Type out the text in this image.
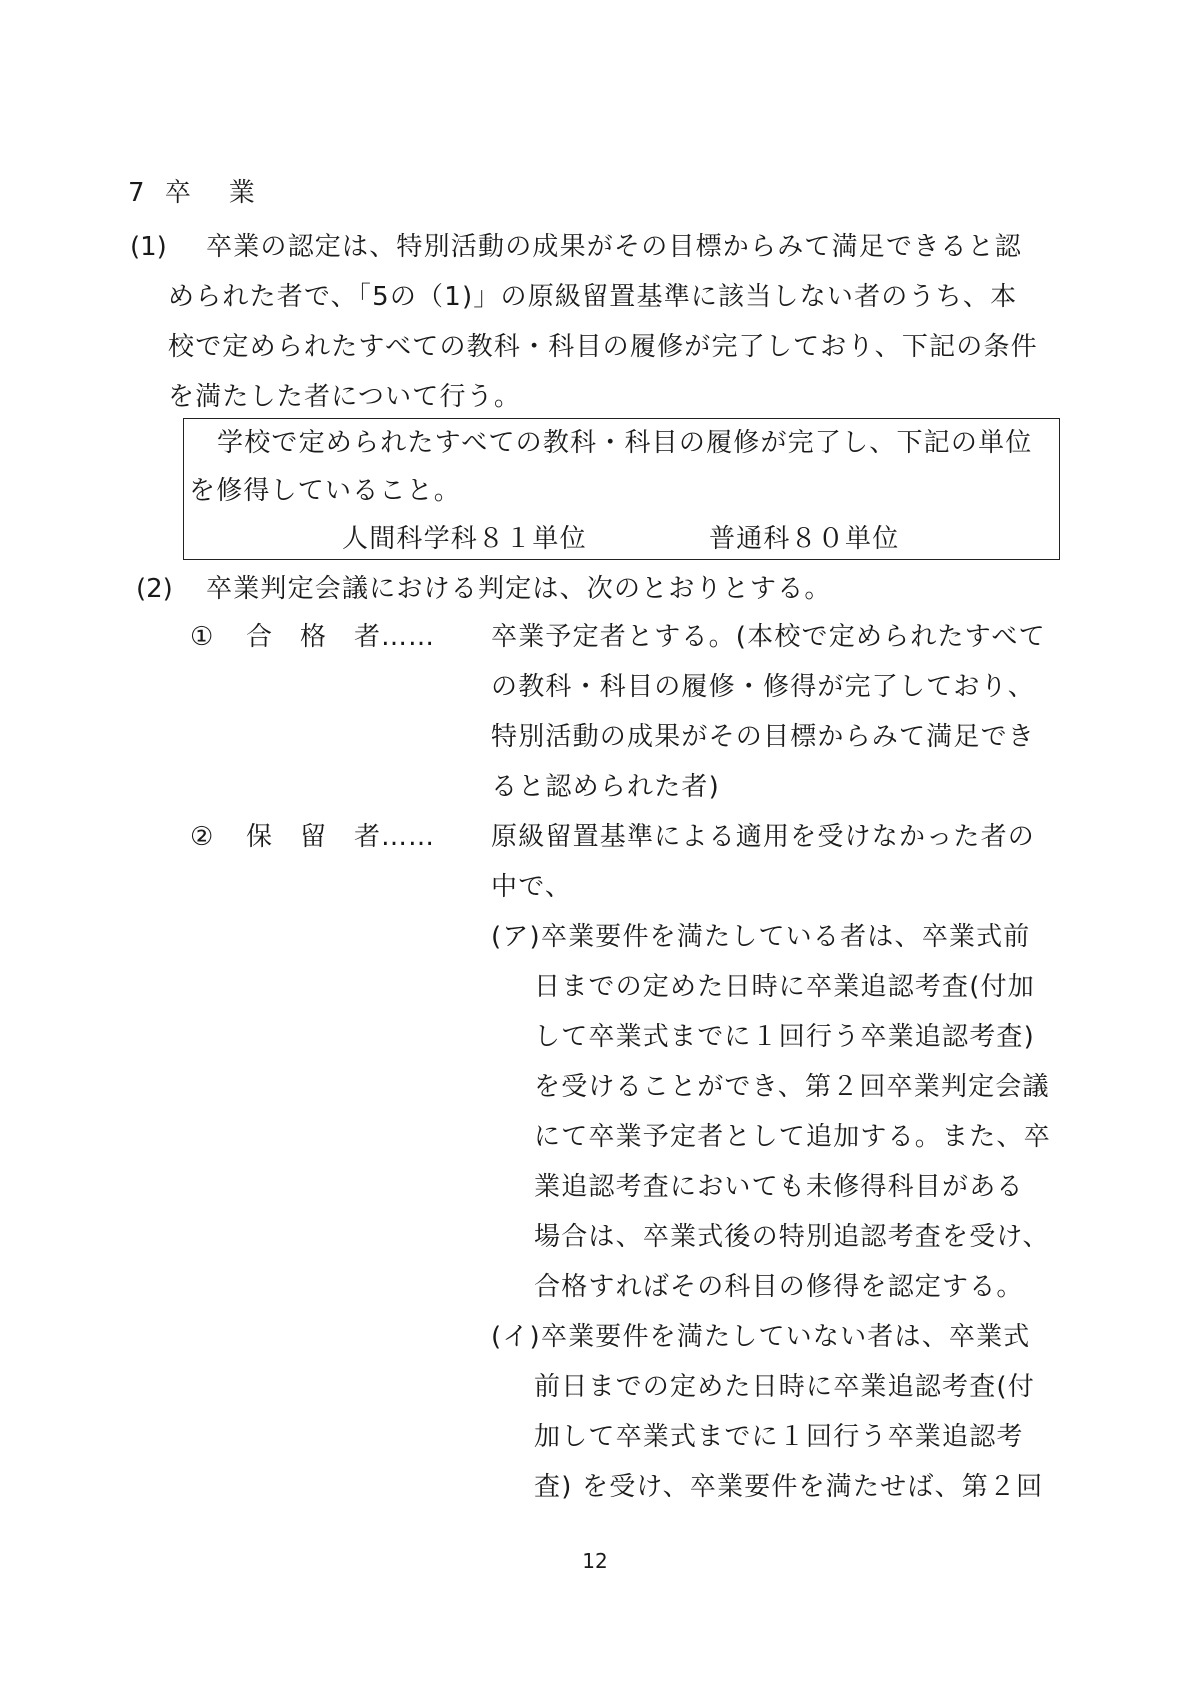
7 卒　業
(1) 卒業の認定は、特別活動の成果がその目標からみて満足できると認
められた者で、「5の（1)」の原級留置基準に該当しない者のうち、本
校で定められたすべての教科・科目の履修が完了しており、下記の条件
を満たした者について行う。
学校で定められたすべての教科・科目の履修が完了し、下記の単位
を修得していること。
人間科学科８１単位	普通科８０単位
(2) 卒業判定会議における判定は、次のとおりとする。
① 合　格　者…… 卒業予定者とする。(本校で定められたすべて
の教科・科目の履修・修得が完了しており、
特別活動の成果がその目標からみて満足でき
ると認められた者)
② 保　留　者…… 原級留置基準による適用を受けなかった者の
中で、
(ア)卒業要件を満たしている者は、卒業式前
日までの定めた日時に卒業追認考査(付加
して卒業式までに１回行う卒業追認考査)
を受けることができ、第２回卒業判定会議
にて卒業予定者として追加する。また、卒
業追認考査においても未修得科目がある
場合は、卒業式後の特別追認考査を受け、
合格すればその科目の修得を認定する。
(イ)卒業要件を満たしていない者は、卒業式
前日までの定めた日時に卒業追認考査(付
加して卒業式までに１回行う卒業追認考
査) を受け、卒業要件を満たせば、第２回
12
